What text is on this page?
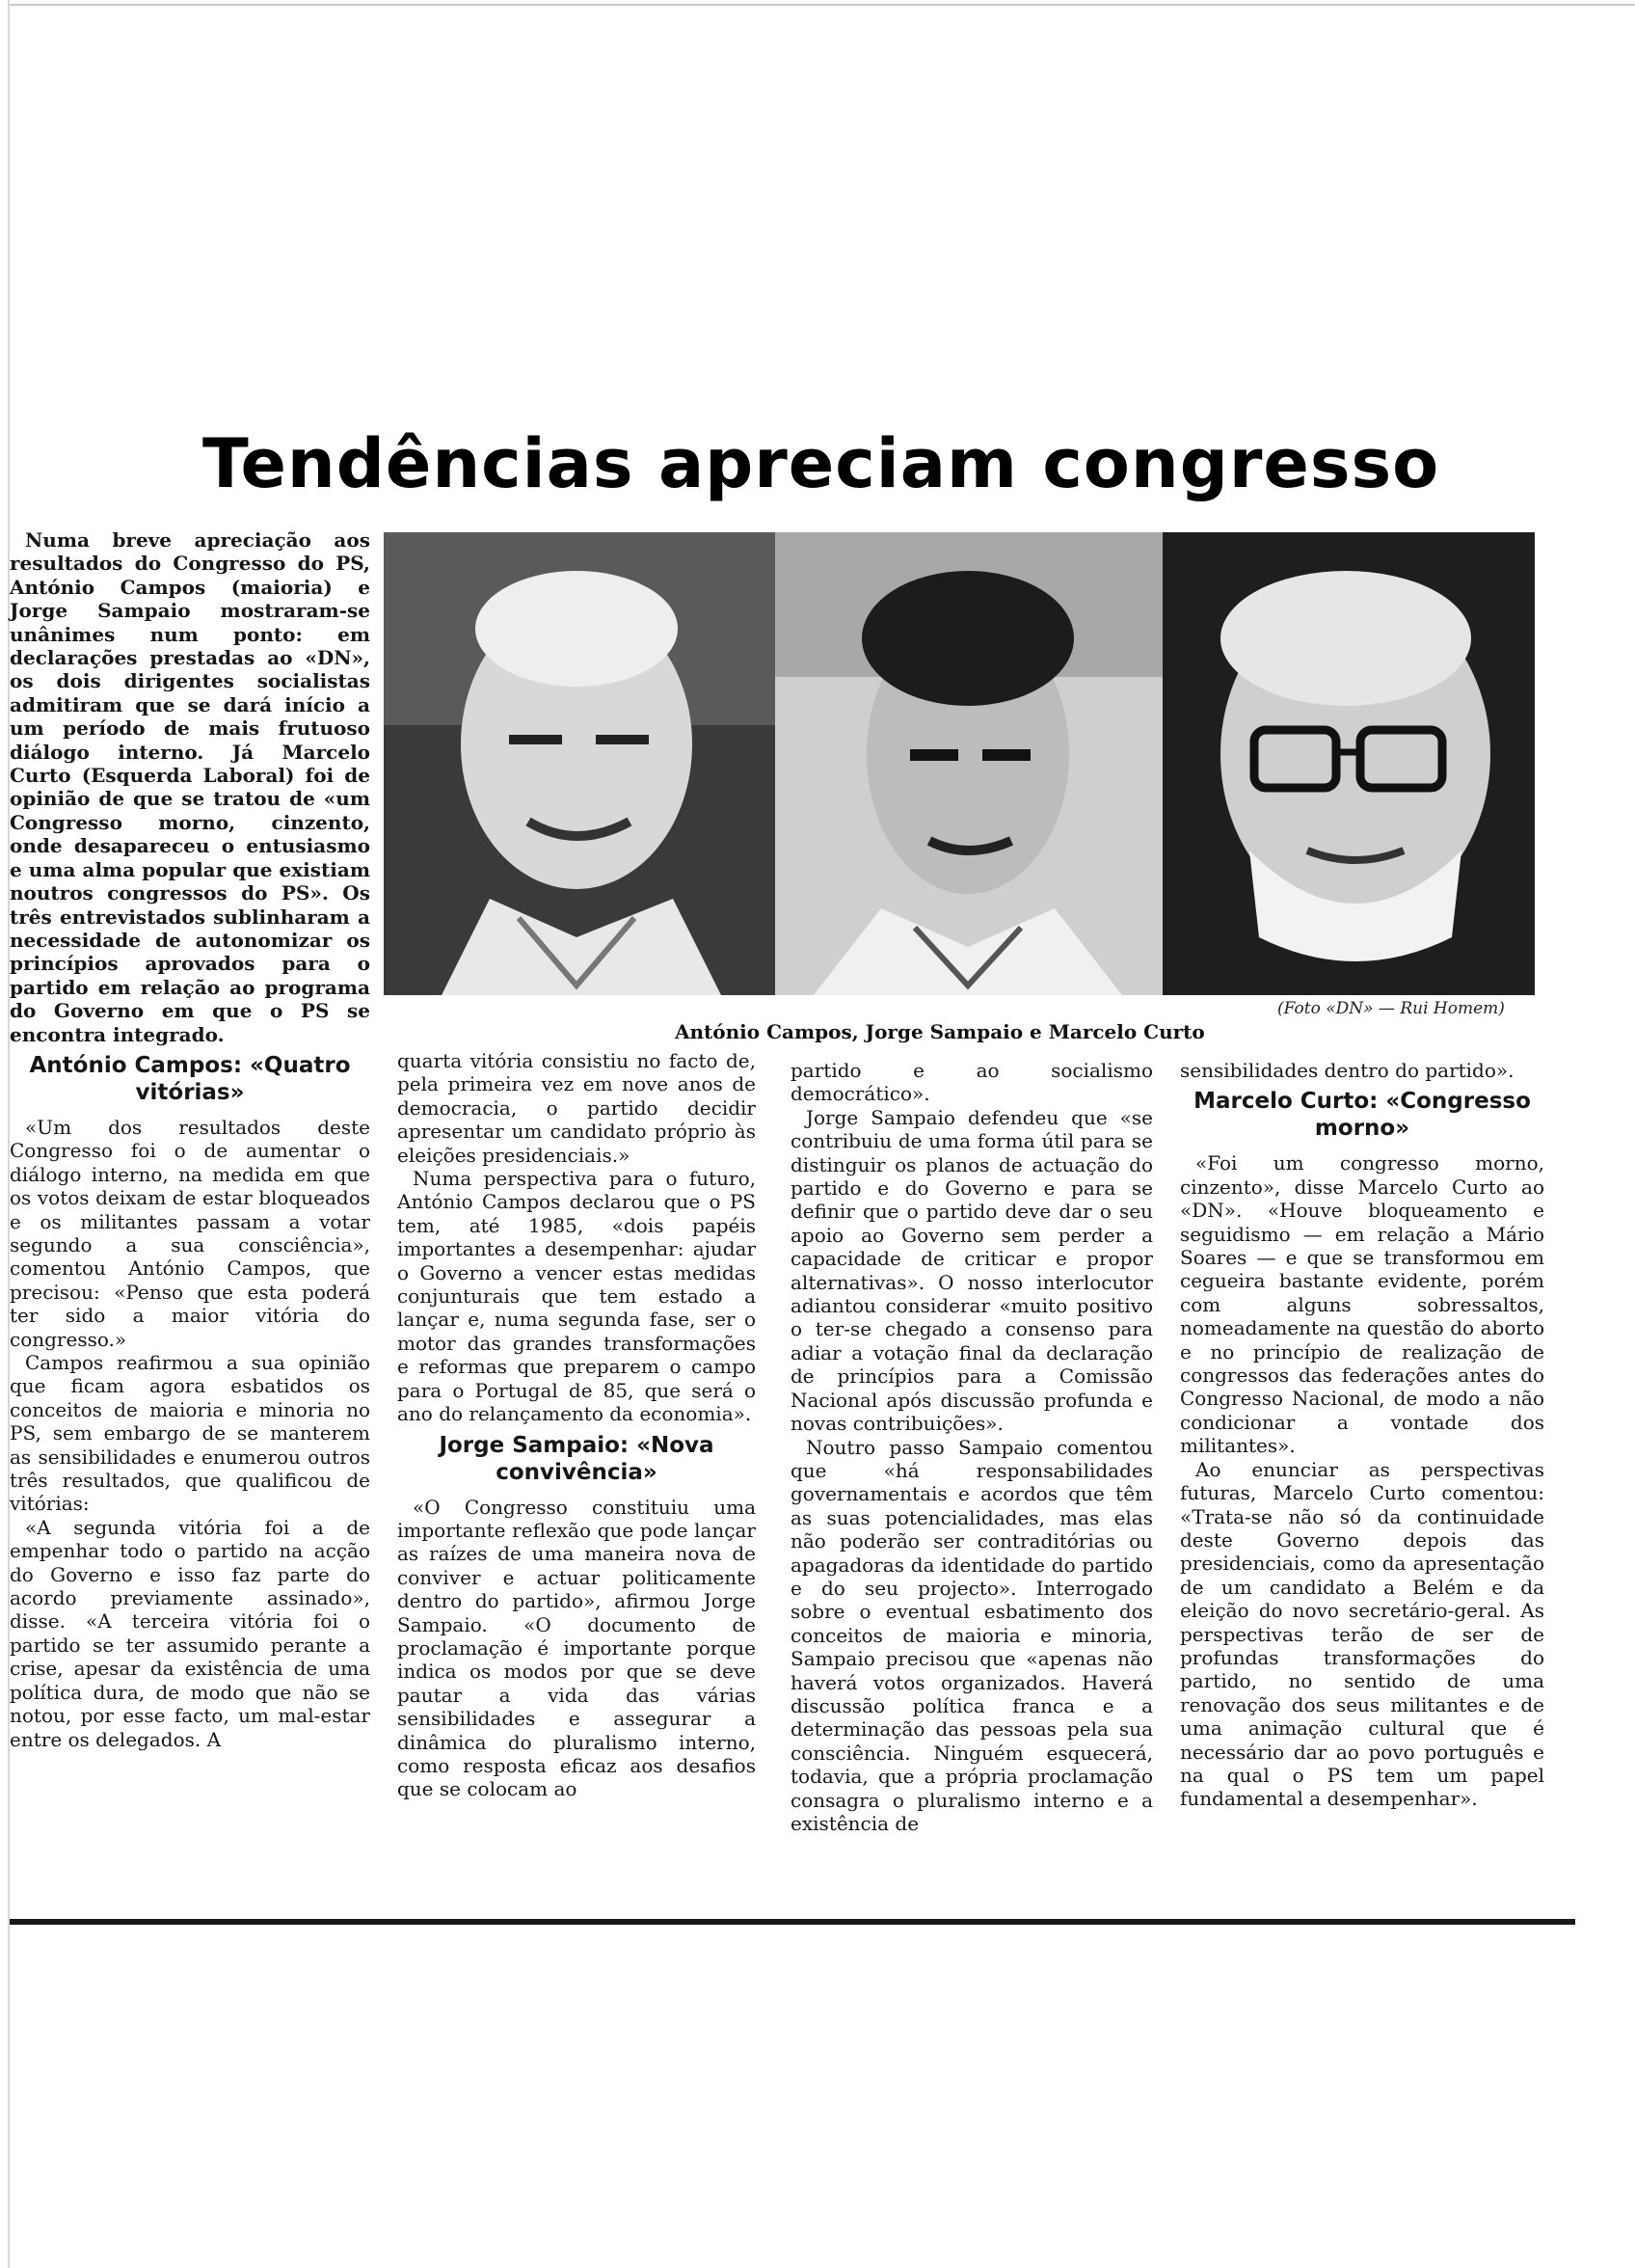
Tendências apreciam congresso
(Foto «DN» — Rui Homem)
António Campos, Jorge Sampaio e Marcelo Curto

Numa breve apreciação aos resultados do Congresso do PS, António Campos (maioria) e Jorge Sampaio mostraram-se unânimes num ponto: em declarações prestadas ao «DN», os dois dirigentes socialistas admitiram que se dará início a um período de mais frutuoso diálogo interno. Já Marcelo Curto (Esquerda Laboral) foi de opinião de que se tratou de «um Congresso morno, cinzento, onde desapareceu o entusiasmo e uma alma popular que existiam noutros congressos do PS». Os três entrevistados sublinharam a necessidade de autonomizar os princípios aprovados para o partido em relação ao programa do Governo em que o PS se encontra integrado.

António Campos: «Quatro vitórias»

«Um dos resultados deste Congresso foi o de aumentar o diálogo interno, na medida em que os votos deixam de estar bloqueados e os militantes passam a votar segundo a sua consciência», comentou António Campos, que precisou: «Penso que esta poderá ter sido a maior vitória do congresso.»

Campos reafirmou a sua opinião que ficam agora esbatidos os conceitos de maioria e minoria no PS, sem embargo de se manterem as sensibilidades e enumerou outros três resultados, que qualificou de vitórias:

«A segunda vitória foi a de empenhar todo o partido na acção do Governo e isso faz parte do acordo previamente assinado», disse. «A terceira vitória foi o partido se ter assumido perante a crise, apesar da existência de uma política dura, de modo que não se notou, por esse facto, um mal-estar entre os delegados. A

quarta vitória consistiu no facto de, pela primeira vez em nove anos de democracia, o partido decidir apresentar um candidato próprio às eleições presidenciais.»

Numa perspectiva para o futuro, António Campos declarou que o PS tem, até 1985, «dois papéis importantes a desempenhar: ajudar o Governo a vencer estas medidas conjunturais que tem estado a lançar e, numa segunda fase, ser o motor das grandes transformações e reformas que preparem o campo para o Portugal de 85, que será o ano do relançamento da economia».

Jorge Sampaio: «Nova convivência»

«O Congresso constituiu uma importante reflexão que pode lançar as raízes de uma maneira nova de conviver e actuar politicamente dentro do partido», afirmou Jorge Sampaio. «O documento de proclamação é importante porque indica os modos por que se deve pautar a vida das várias sensibilidades e assegurar a dinâmica do pluralismo interno, como resposta eficaz aos desafios que se colocam ao

partido e ao socialismo democrático».

Jorge Sampaio defendeu que «se contribuiu de uma forma útil para se distinguir os planos de actuação do partido e do Governo e para se definir que o partido deve dar o seu apoio ao Governo sem perder a capacidade de criticar e propor alternativas». O nosso interlocutor adiantou considerar «muito positivo o ter-se chegado a consenso para adiar a votação final da declaração de princípios para a Comissão Nacional após discussão profunda e novas contribuições».

Noutro passo Sampaio comentou que «há responsabilidades governamentais e acordos que têm as suas potencialidades, mas elas não poderão ser contraditórias ou apagadoras da identidade do partido e do seu projecto». Interrogado sobre o eventual esbatimento dos conceitos de maioria e minoria, Sampaio precisou que «apenas não haverá votos organizados. Haverá discussão política franca e a determinação das pessoas pela sua consciência. Ninguém esquecerá, todavia, que a própria proclamação consagra o pluralismo interno e a existência de

sensibilidades dentro do partido».

Marcelo Curto: «Congresso morno»

«Foi um congresso morno, cinzento», disse Marcelo Curto ao «DN». «Houve bloqueamento e seguidismo — em relação a Mário Soares — e que se transformou em cegueira bastante evidente, porém com alguns sobressaltos, nomeadamente na questão do aborto e no princípio de realização de congressos das federações antes do Congresso Nacional, de modo a não condicionar a vontade dos militantes».

Ao enunciar as perspectivas futuras, Marcelo Curto comentou: «Trata-se não só da continuidade deste Governo depois das presidenciais, como da apresentação de um candidato a Belém e da eleição do novo secretário-geral. As perspectivas terão de ser de profundas transformações do partido, no sentido de uma renovação dos seus militantes e de uma animação cultural que é necessário dar ao povo português e na qual o PS tem um papel fundamental a desempenhar».
